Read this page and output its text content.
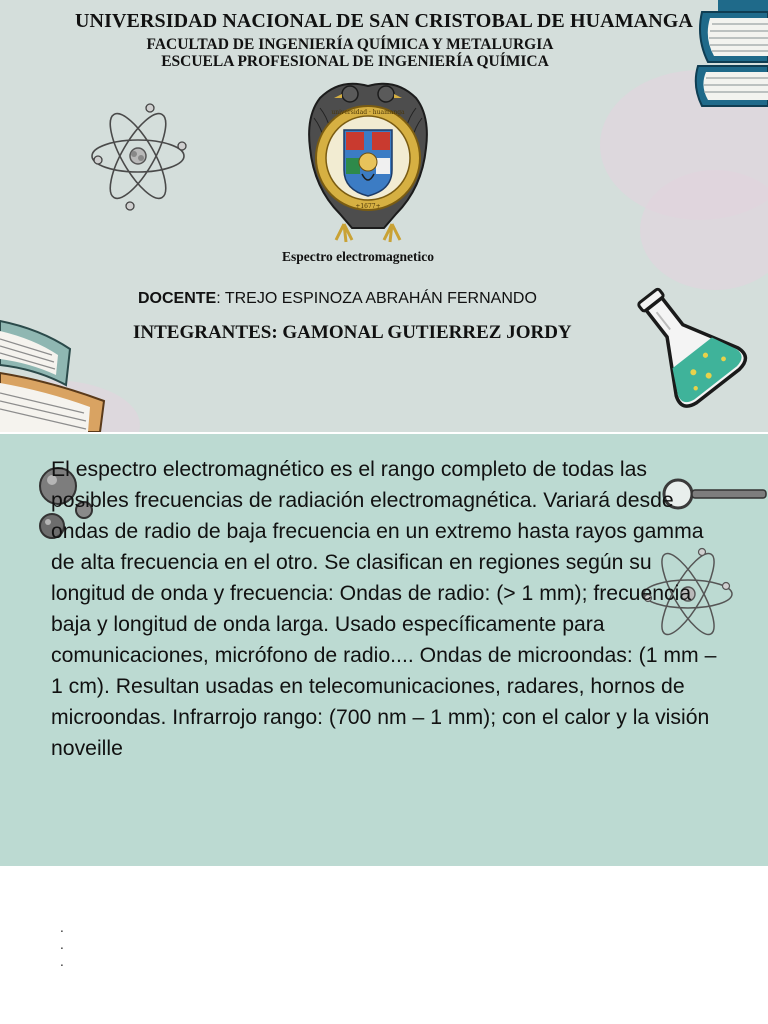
UNIVERSIDAD NACIONAL DE SAN CRISTOBAL DE HUAMANGA
FACULTAD DE INGENIERÍA QUÍMICA Y METALURGIA
ESCUELA PROFESIONAL DE INGENIERÍA QUÍMICA
universidad · huamanga
+1677+
Espectro electromagnetico
DOCENTE: TREJO ESPINOZA ABRAHÁN FERNANDO
INTEGRANTES: GAMONAL GUTIERREZ JORDY
El espectro electromagnético es el rango completo de todas las posibles frecuencias de radiación electromagnética. Variará desde ondas de radio de baja frecuencia en un extremo hasta rayos gamma de alta frecuencia en el otro. Se clasifican en regiones según su longitud de onda y frecuencia: Ondas de radio: (> 1 mm); frecuencia baja y longitud de onda larga. Usado específicamente para comunicaciones, micrófono de radio.... Ondas de microondas: (1 mm – 1 cm). Resultan usadas en telecomunicaciones, radares, hornos de microondas. Infrarrojo rango: (700 nm – 1 mm); con el calor y la visión noveille
.
.
.
